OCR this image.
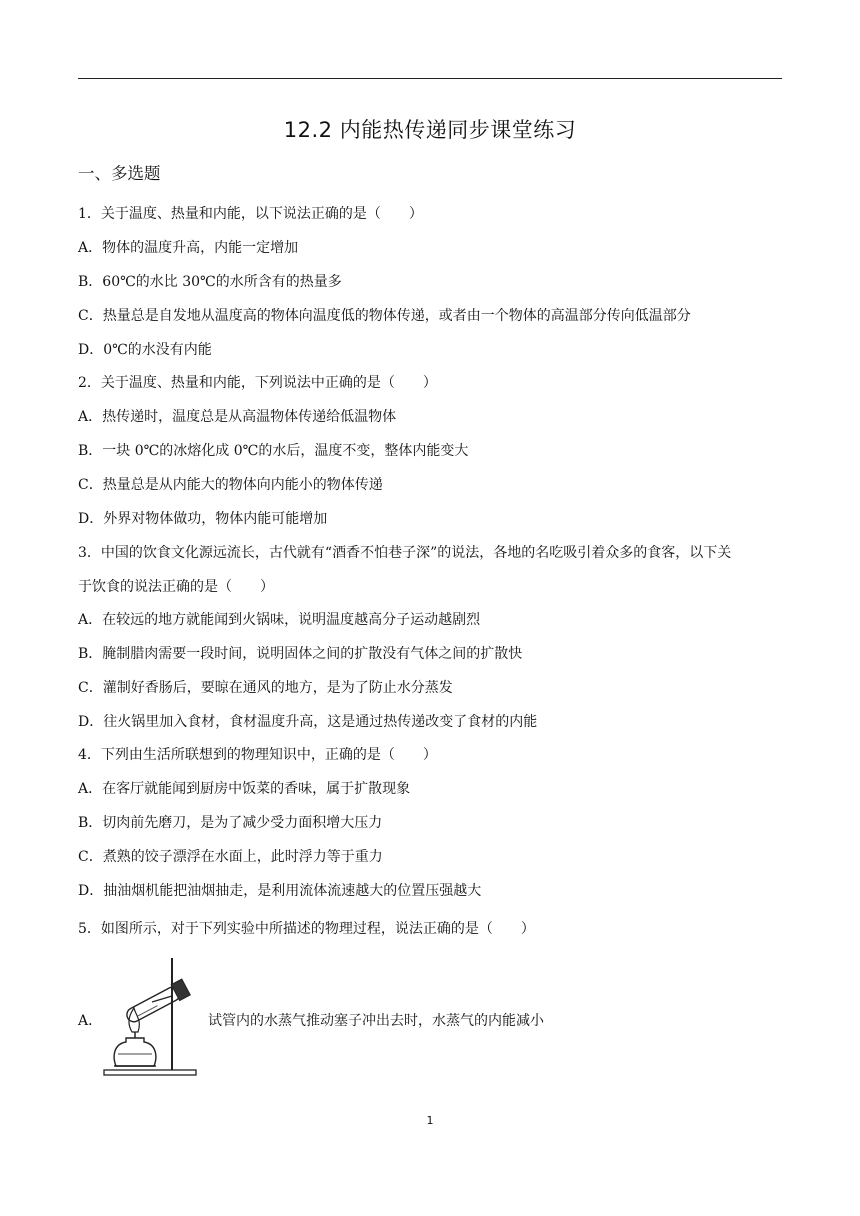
12.2 内能热传递同步课堂练习
一、多选题
1．关于温度、热量和内能，以下说法正确的是（　　）
A．物体的温度升高，内能一定增加
B．60℃的水比 30℃的水所含有的热量多
C．热量总是自发地从温度高的物体向温度低的物体传递，或者由一个物体的高温部分传向低温部分
D．0℃的水没有内能
2．关于温度、热量和内能，下列说法中正确的是（　　）
A．热传递时，温度总是从高温物体传递给低温物体
B．一块 0℃的冰熔化成 0℃的水后，温度不变，整体内能变大
C．热量总是从内能大的物体向内能小的物体传递
D．外界对物体做功，物体内能可能增加
3．中国的饮食文化源远流长，古代就有“酒香不怕巷子深”的说法，各地的名吃吸引着众多的食客，以下关
于饮食的说法正确的是（　　）
A．在较远的地方就能闻到火锅味，说明温度越高分子运动越剧烈
B．腌制腊肉需要一段时间，说明固体之间的扩散没有气体之间的扩散快
C．灌制好香肠后，要晾在通风的地方，是为了防止水分蒸发
D．往火锅里加入食材，食材温度升高，这是通过热传递改变了食材的内能
4．下列由生活所联想到的物理知识中，正确的是（　　）
A．在客厅就能闻到厨房中饭菜的香味，属于扩散现象
B．切肉前先磨刀，是为了减少受力面积增大压力
C．煮熟的饺子漂浮在水面上，此时浮力等于重力
D．抽油烟机能把油烟抽走，是利用流体流速越大的位置压强越大
5．如图所示，对于下列实验中所描述的物理过程，说法正确的是（　　）
A．	试管内的水蒸气推动塞子冲出去时，水蒸气的内能减小
1
